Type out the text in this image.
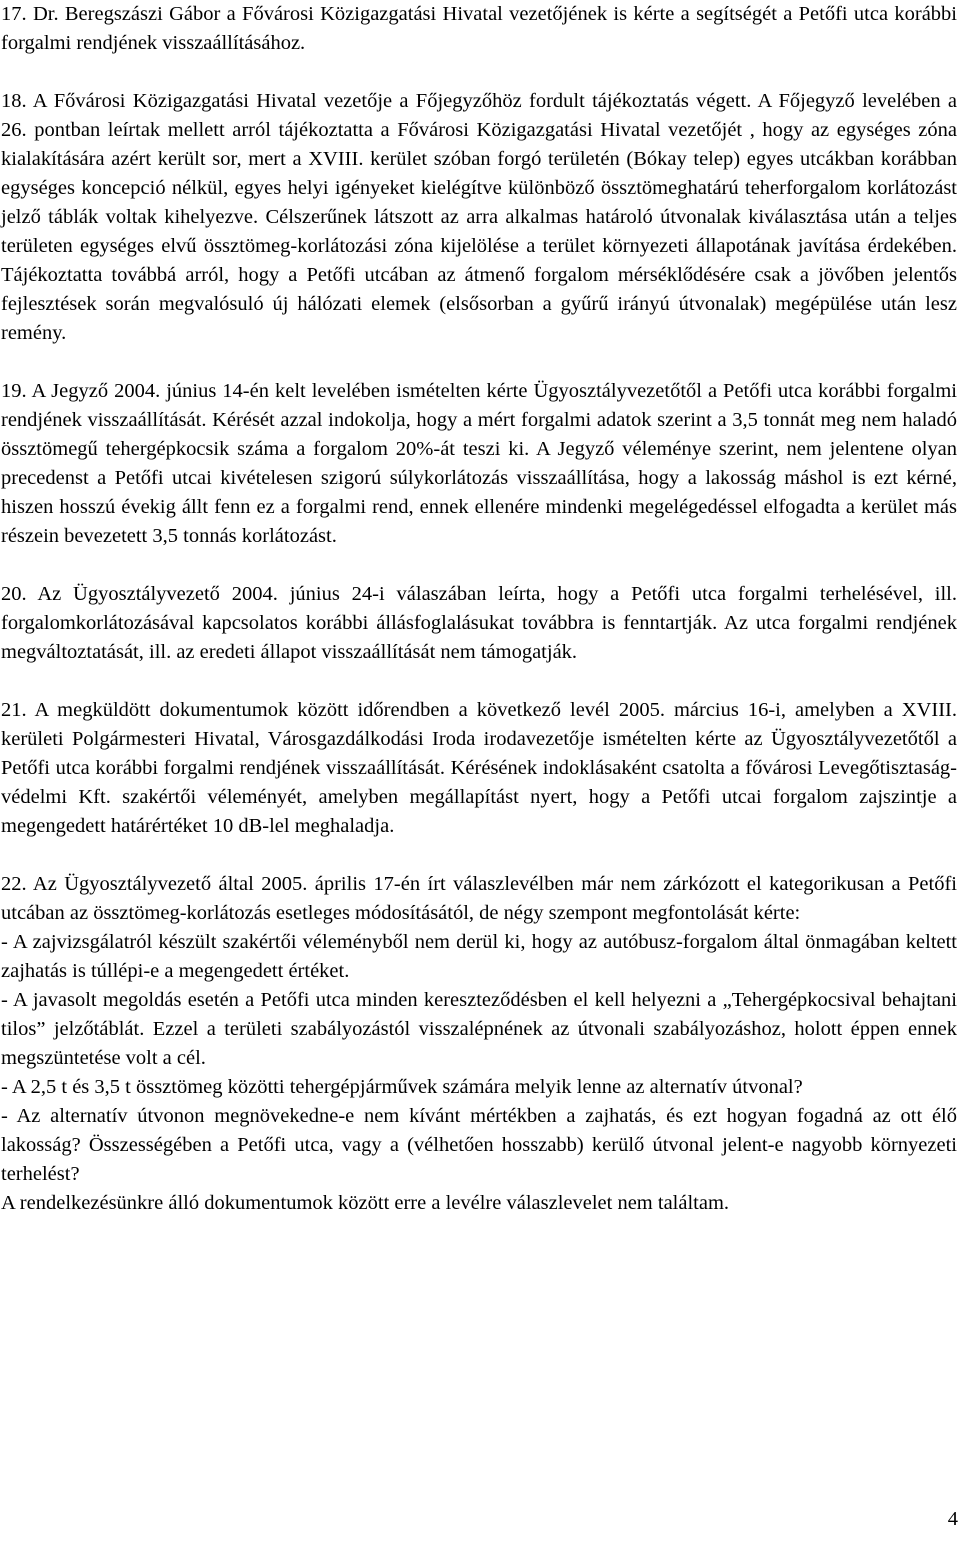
17. Dr. Beregszászi Gábor a Fővárosi Közigazgatási Hivatal vezetőjének is kérte a segítségét a Petőfi utca korábbi forgalmi rendjének visszaállításához.

18. A Fővárosi Közigazgatási Hivatal vezetője a Főjegyzőhöz fordult tájékoztatás végett. A Főjegyző levelében a 26. pontban leírtak mellett arról tájékoztatta a Fővárosi Közigazgatási Hivatal vezetőjét , hogy az egységes zóna kialakítására azért került sor, mert a XVIII. kerület szóban forgó területén (Bókay telep) egyes utcákban korábban egységes koncepció nélkül, egyes helyi igényeket kielégítve különböző össztömeghatárú teherforgalom korlátozást jelző táblák voltak kihelyezve. Célszerűnek látszott az arra alkalmas határoló útvonalak kiválasztása után a teljes területen egységes elvű össztömeg-korlátozási zóna kijelölése a terület környezeti állapotának javítása érdekében. Tájékoztatta továbbá arról, hogy a Petőfi utcában az átmenő forgalom mérséklődésére csak a jövőben jelentős fejlesztések során megvalósuló új hálózati elemek (elsősorban a gyűrű irányú útvonalak) megépülése után lesz remény.

19. A Jegyző 2004. június 14-én kelt levelében ismételten kérte Ügyosztályvezetőtől a Petőfi utca korábbi forgalmi rendjének visszaállítását. Kérését azzal indokolja, hogy a mért forgalmi adatok szerint a 3,5 tonnát meg nem haladó össztömegű tehergépkocsik száma a forgalom 20%-át teszi ki. A Jegyző véleménye szerint, nem jelentene olyan precedenst a Petőfi utcai kivételesen szigorú súlykorlátozás visszaállítása, hogy a lakosság máshol is ezt kérné, hiszen hosszú évekig állt fenn ez a forgalmi rend, ennek ellenére mindenki megelégedéssel elfogadta a kerület más részein bevezetett 3,5 tonnás korlátozást.

20. Az Ügyosztályvezető 2004. június 24-i válaszában leírta, hogy a Petőfi utca forgalmi terhelésével, ill. forgalomkorlátozásával kapcsolatos korábbi állásfoglalásukat továbbra is fenntartják. Az utca forgalmi rendjének megváltoztatását, ill. az eredeti állapot visszaállítását nem támogatják.

21. A megküldött dokumentumok között időrendben a következő levél 2005. március 16-i, amelyben a XVIII. kerületi Polgármesteri Hivatal, Városgazdálkodási Iroda irodavezetője ismételten kérte az Ügyosztályvezetőtől a Petőfi utca korábbi forgalmi rendjének visszaállítását. Kérésének indoklásaként csatolta a fővárosi Levegőtisztaság-védelmi Kft. szakértői véleményét, amelyben megállapítást nyert, hogy a Petőfi utcai forgalom zajszintje a megengedett határértéket 10 dB-lel meghaladja.

22. Az Ügyosztályvezető által 2005. április 17-én írt válaszlevélben már nem zárkózott el kategorikusan a Petőfi utcában az össztömeg-korlátozás esetleges módosításától, de négy szempont megfontolását kérte:
- A zajvizsgálatról készült szakértői véleményből nem derül ki, hogy az autóbusz-forgalom által önmagában keltett zajhatás is túllépi-e a megengedett értéket.
- A javasolt megoldás esetén a Petőfi utca minden kereszteződésben el kell helyezni a „Tehergépkocsival behajtani tilos” jelzőtáblát. Ezzel a területi szabályozástól visszalépnének az útvonali szabályozáshoz, holott éppen ennek megszüntetése volt a cél.
- A 2,5 t és 3,5 t össztömeg közötti tehergépjárművek számára melyik lenne az alternatív útvonal?
- Az alternatív útvonon megnövekedne-e nem kívánt mértékben a zajhatás, és ezt hogyan fogadná az ott élő lakosság? Összességében a Petőfi utca, vagy a (vélhetően hosszabb) kerülő útvonal jelent-e nagyobb környezeti terhelést?
A rendelkezésünkre álló dokumentumok között erre a levélre válaszlevelet nem találtam.
4
